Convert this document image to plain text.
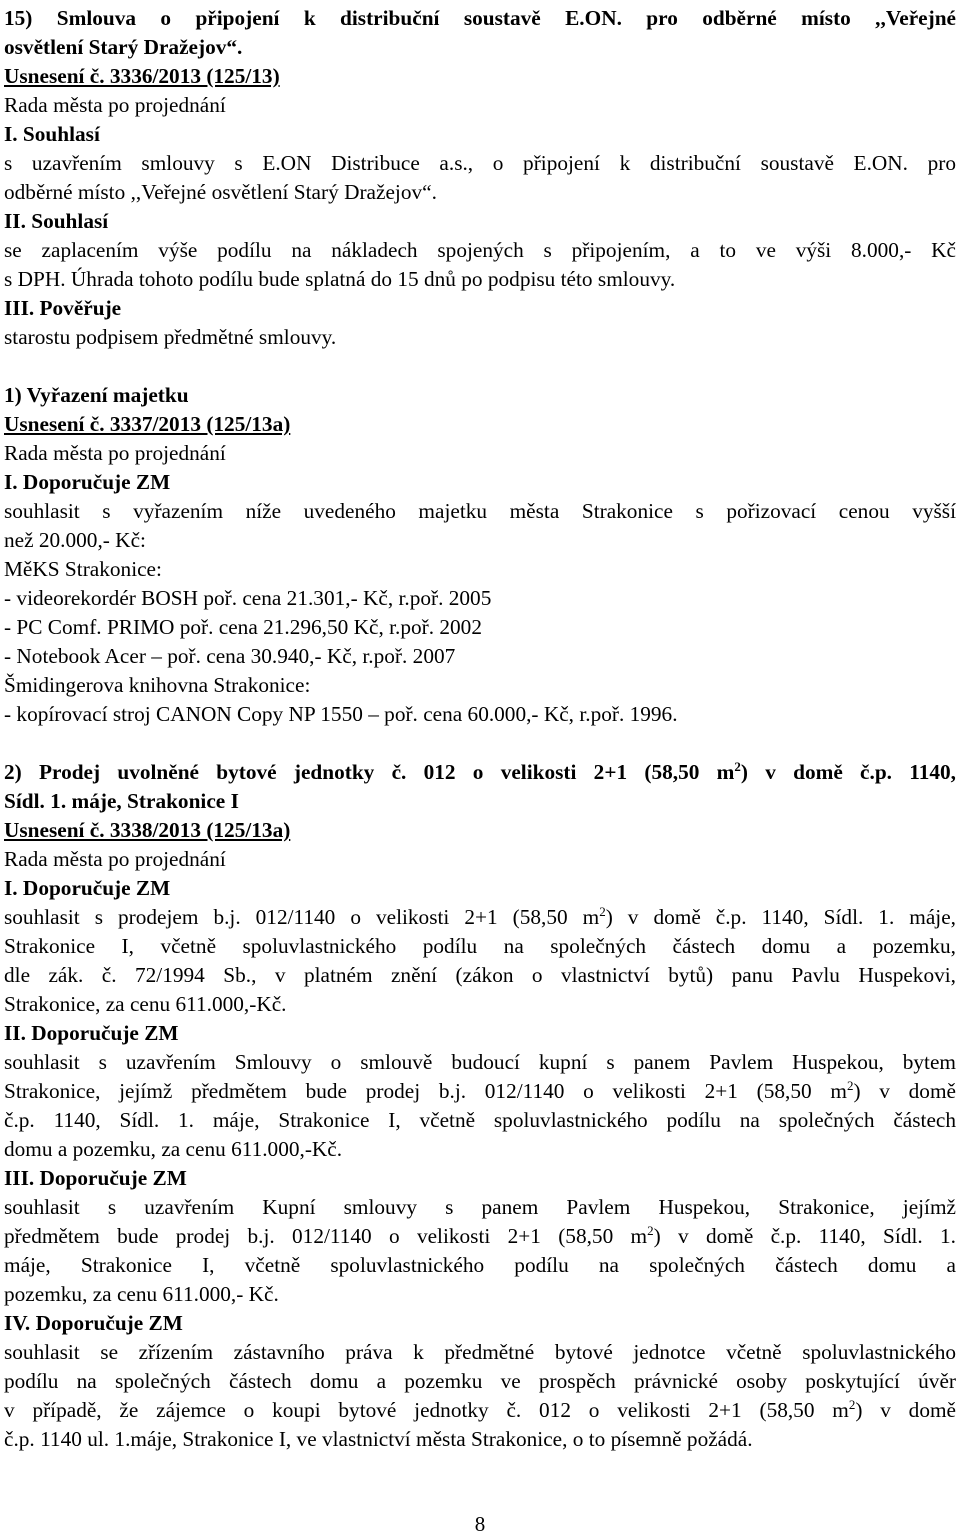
15) Smlouva o připojení k distribuční soustavě E.ON. pro odběrné místo ,,Veřejné
osvětlení Starý Dražejov“.
Usnesení č. 3336/2013 (125/13)
Rada města po projednání
I. Souhlasí
s uzavřením smlouvy s E.ON Distribuce a.s., o připojení k distribuční soustavě E.ON. pro
odběrné místo ,,Veřejné osvětlení Starý Dražejov“.
II. Souhlasí
se zaplacením výše podílu na nákladech spojených s připojením, a to ve výši 8.000,- Kč
s DPH. Úhrada tohoto podílu bude splatná do 15 dnů po podpisu této smlouvy.
III. Pověřuje
starostu podpisem předmětné smlouvy.
1) Vyřazení majetku
Usnesení č. 3337/2013 (125/13a)
Rada města po projednání
I. Doporučuje ZM
souhlasit s vyřazením níže uvedeného majetku města Strakonice s pořizovací cenou vyšší
než 20.000,- Kč:
MěKS Strakonice:
- videorekordér BOSH poř. cena 21.301,- Kč, r.poř. 2005
- PC Comf. PRIMO poř. cena 21.296,50 Kč, r.poř. 2002
- Notebook Acer – poř. cena 30.940,- Kč, r.poř. 2007
Šmidingerova knihovna Strakonice:
- kopírovací stroj CANON Copy NP 1550 – poř. cena 60.000,- Kč, r.poř. 1996.
2) Prodej uvolněné bytové jednotky č. 012 o velikosti 2+1 (58,50 $m^2$) v domě č.p. 1140,
Sídl. 1. máje, Strakonice I
Usnesení č. 3338/2013 (125/13a)
Rada města po projednání
I. Doporučuje ZM
souhlasit s prodejem b.j. 012/1140 o velikosti 2+1 (58,50 $m^2$) v domě č.p. 1140, Sídl. 1. máje,
Strakonice I, včetně spoluvlastnického podílu na společných částech domu a pozemku,
dle zák. č. 72/1994 Sb., v platném znění (zákon o vlastnictví bytů) panu Pavlu Huspekovi,
Strakonice, za cenu 611.000,-Kč.
II. Doporučuje ZM
souhlasit s uzavřením Smlouvy o smlouvě budoucí kupní s panem Pavlem Huspekou, bytem
Strakonice, jejímž předmětem bude prodej b.j. 012/1140 o velikosti 2+1 (58,50 $m^2$) v domě
č.p. 1140, Sídl. 1. máje, Strakonice I, včetně spoluvlastnického podílu na společných částech
domu a pozemku, za cenu 611.000,-Kč.
III. Doporučuje ZM
souhlasit s uzavřením Kupní smlouvy s panem Pavlem Huspekou, Strakonice, jejímž
předmětem bude prodej b.j. 012/1140 o velikosti 2+1 (58,50 $m^2$) v domě č.p. 1140, Sídl. 1.
máje, Strakonice I, včetně spoluvlastnického podílu na společných částech domu a
pozemku, za cenu 611.000,- Kč.
IV. Doporučuje ZM
souhlasit se zřízením zástavního práva k předmětné bytové jednotce včetně spoluvlastnického
podílu na společných částech domu a pozemku ve prospěch právnické osoby poskytující úvěr
v případě, že zájemce o koupi bytové jednotky č. 012 o velikosti 2+1 (58,50 $m^2$) v domě
č.p. 1140 ul. 1.máje, Strakonice I, ve vlastnictví města Strakonice, o to písemně požádá.
8
